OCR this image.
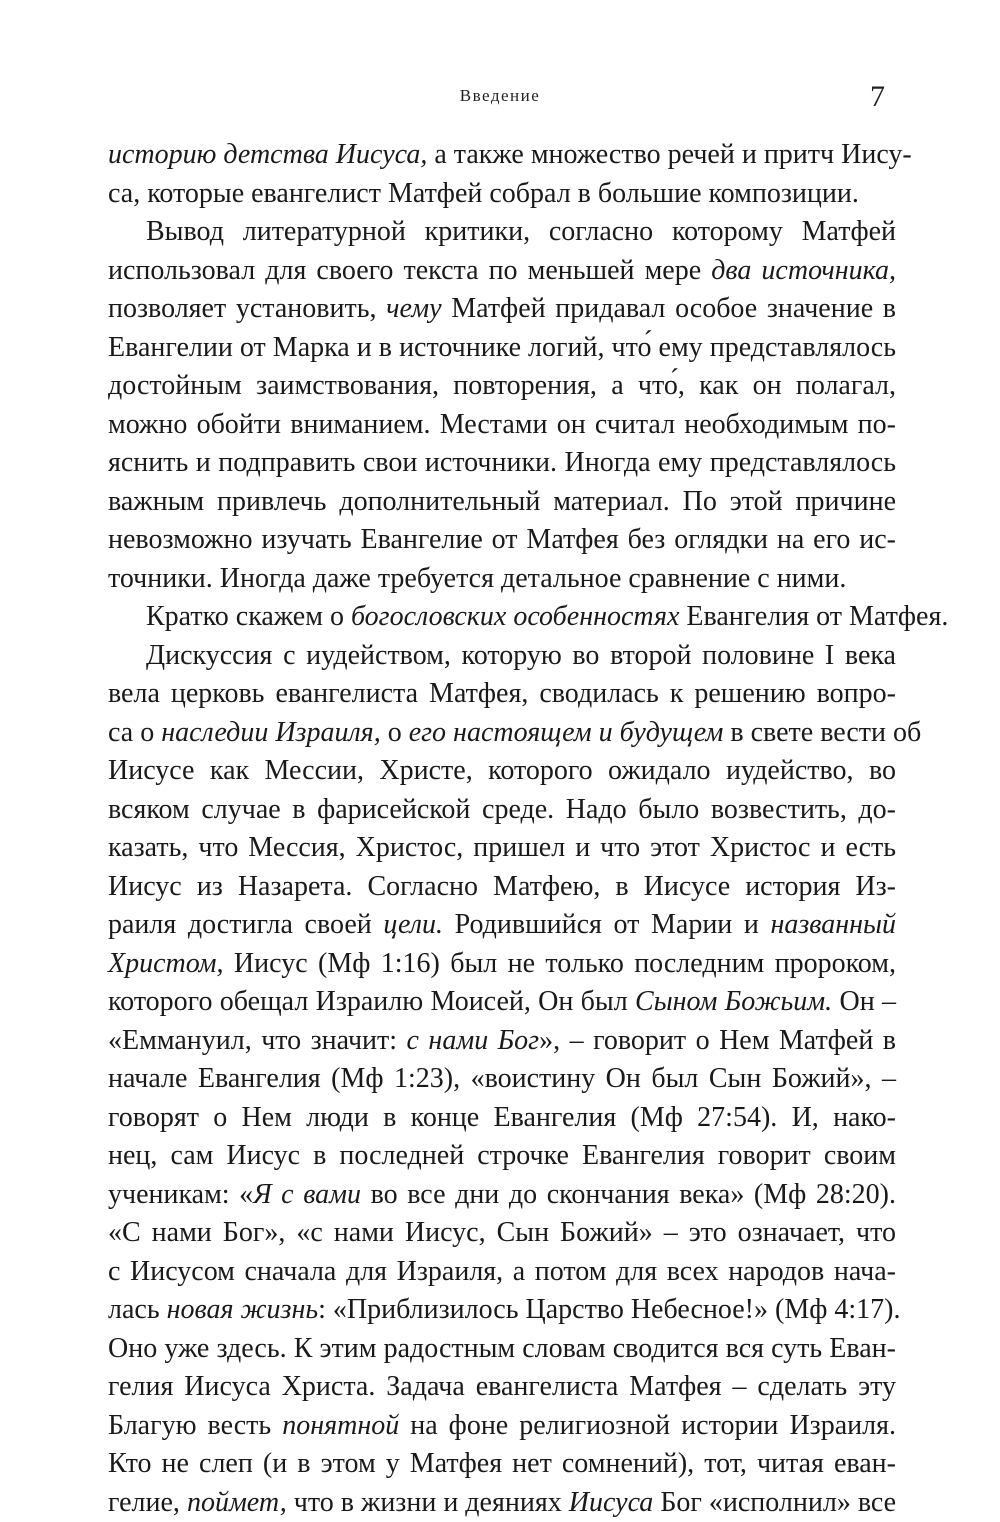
Введение	7
историю детства Иисуса, а также множество речей и притч Иису-
са, которые евангелист Матфей собрал в большие композиции.
Вывод литературной критики, согласно которому Матфей
использовал для своего текста по меньшей мере два источника,
позволяет установить, чему Матфей придавал особое значение в
Евангелии от Марка и в источнике логий, что́ ему представлялось
достойным заимствования, повторения, а что́, как он полагал,
можно обойти вниманием. Местами он считал необходимым по-
яснить и подправить свои источники. Иногда ему представлялось
важным привлечь дополнительный материал. По этой причине
невозможно изучать Евангелие от Матфея без оглядки на его ис-
точники. Иногда даже требуется детальное сравнение с ними.
Кратко скажем о богословских особенностях Евангелия от Матфея.
Дискуссия с иудейством, которую во второй половине I века
вела церковь евангелиста Матфея, сводилась к решению вопро-
са о наследии Израиля, о его настоящем и будущем в свете вести об
Иисусе как Мессии, Христе, которого ожидало иудейство, во
всяком случае в фарисейской среде. Надо было возвестить, до-
казать, что Мессия, Христос, пришел и что этот Христос и есть
Иисус из Назарета. Согласно Матфею, в Иисусе история Из-
раиля достигла своей цели. Родившийся от Марии и названный
Христом, Иисус (Мф 1:16) был не только последним пророком,
которого обещал Израилю Моисей, Он был Сыном Божьим. Он –
«Еммануил, что значит: с нами Бог», – говорит о Нем Матфей в
начале Евангелия (Мф 1:23), «воистину Он был Сын Божий», –
говорят о Нем люди в конце Евангелия (Мф 27:54). И, нако-
нец, сам Иисус в последней строчке Евангелия говорит своим
ученикам: «Я с вами во все дни до скончания века» (Мф 28:20).
«С нами Бог», «с нами Иисус, Сын Божий» – это означает, что
с Иисусом сначала для Израиля, а потом для всех народов нача-
лась новая жизнь: «Приблизилось Царство Небесное!» (Мф 4:17).
Оно уже здесь. К этим радостным словам сводится вся суть Еван-
гелия Иисуса Христа. Задача евангелиста Матфея – сделать эту
Благую весть понятной на фоне религиозной истории Израиля.
Кто не слеп (и в этом у Матфея нет сомнений), тот, читая еван-
гелие, поймет, что в жизни и деяниях Иисуса Бог «исполнил» все
